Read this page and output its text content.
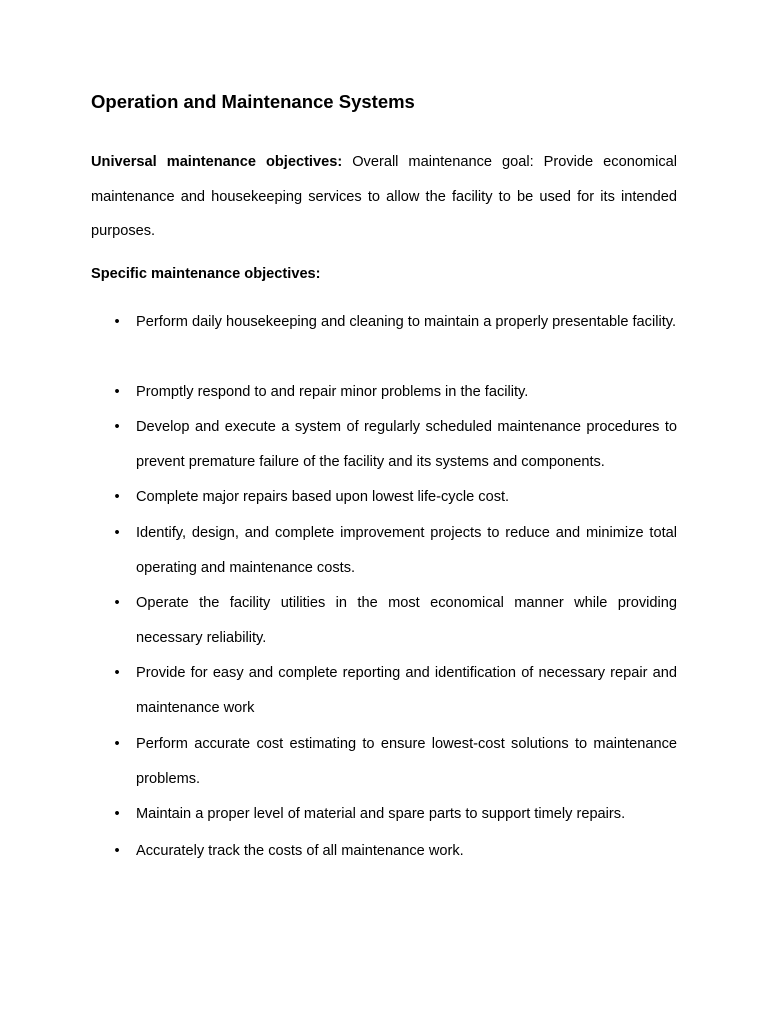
Operation and Maintenance Systems

Universal maintenance objectives: Overall maintenance goal: Provide economical maintenance and housekeeping services to allow the facility to be used for its intended purposes.

Specific maintenance objectives:
• Perform daily housekeeping and cleaning to maintain a properly presentable facility.
• Promptly respond to and repair minor problems in the facility.
• Develop and execute a system of regularly scheduled maintenance procedures to prevent premature failure of the facility and its systems and components.
• Complete major repairs based upon lowest life-cycle cost.
• Identify, design, and complete improvement projects to reduce and minimize total operating and maintenance costs.
• Operate the facility utilities in the most economical manner while providing necessary reliability.
• Provide for easy and complete reporting and identification of necessary repair and maintenance work
• Perform accurate cost estimating to ensure lowest-cost solutions to maintenance problems.
• Maintain a proper level of material and spare parts to support timely repairs.
• Accurately track the costs of all maintenance work.
